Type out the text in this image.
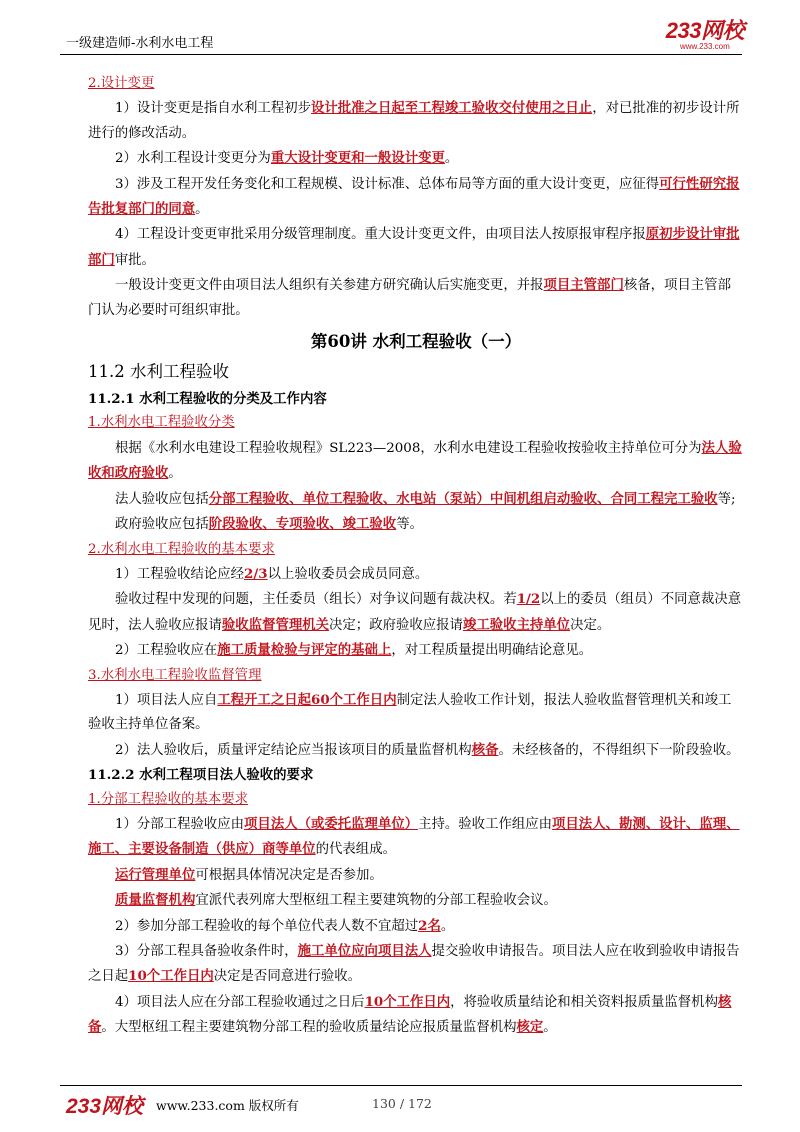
一级建造师-水利水电工程
233网校
www.233.com

2.设计变更

1）设计变更是指自水利工程初步设计批准之日起至工程竣工验收交付使用之日止，对已批准的初步设计所进行的修改活动。

2）水利工程设计变更分为重大设计变更和一般设计变更。

3）涉及工程开发任务变化和工程规模、设计标准、总体布局等方面的重大设计变更，应征得可行性研究报告批复部门的同意。

4）工程设计变更审批采用分级管理制度。重大设计变更文件，由项目法人按原报审程序报原初步设计审批部门审批。

一般设计变更文件由项目法人组织有关参建方研究确认后实施变更，并报项目主管部门核备，项目主管部门认为必要时可组织审批。

第60讲 水利工程验收（一）

11.2 水利工程验收

11.2.1 水利工程验收的分类及工作内容

1.水利水电工程验收分类

根据《水利水电建设工程验收规程》SL223—2008，水利水电建设工程验收按验收主持单位可分为法人验收和政府验收。

法人验收应包括分部工程验收、单位工程验收、水电站（泵站）中间机组启动验收、合同工程完工验收等;

政府验收应包括阶段验收、专项验收、竣工验收等。

2.水利水电工程验收的基本要求

1）工程验收结论应经2/3以上验收委员会成员同意。

验收过程中发现的问题，主任委员（组长）对争议问题有裁决权。若1/2以上的委员（组员）不同意裁决意见时，法人验收应报请验收监督管理机关决定；政府验收应报请竣工验收主持单位决定。

2）工程验收应在施工质量检验与评定的基础上，对工程质量提出明确结论意见。

3.水利水电工程验收监督管理

1）项目法人应自工程开工之日起60个工作日内制定法人验收工作计划，报法人验收监督管理机关和竣工验收主持单位备案。

2）法人验收后，质量评定结论应当报该项目的质量监督机构核备。未经核备的，不得组织下一阶段验收。

11.2.2 水利工程项目法人验收的要求

1.分部工程验收的基本要求

1）分部工程验收应由项目法人（或委托监理单位）主持。验收工作组应由项目法人、勘测、设计、监理、施工、主要设备制造（供应）商等单位的代表组成。

运行管理单位可根据具体情况决定是否参加。

质量监督机构宜派代表列席大型枢纽工程主要建筑物的分部工程验收会议。

2）参加分部工程验收的每个单位代表人数不宜超过2名。

3）分部工程具备验收条件时，施工单位应向项目法人提交验收申请报告。项目法人应在收到验收申请报告之日起10个工作日内决定是否同意进行验收。

4）项目法人应在分部工程验收通过之日后10个工作日内，将验收质量结论和相关资料报质量监督机构核备。大型枢纽工程主要建筑物分部工程的验收质量结论应报质量监督机构核定。

233网校 www.233.com 版权所有	130 / 172
